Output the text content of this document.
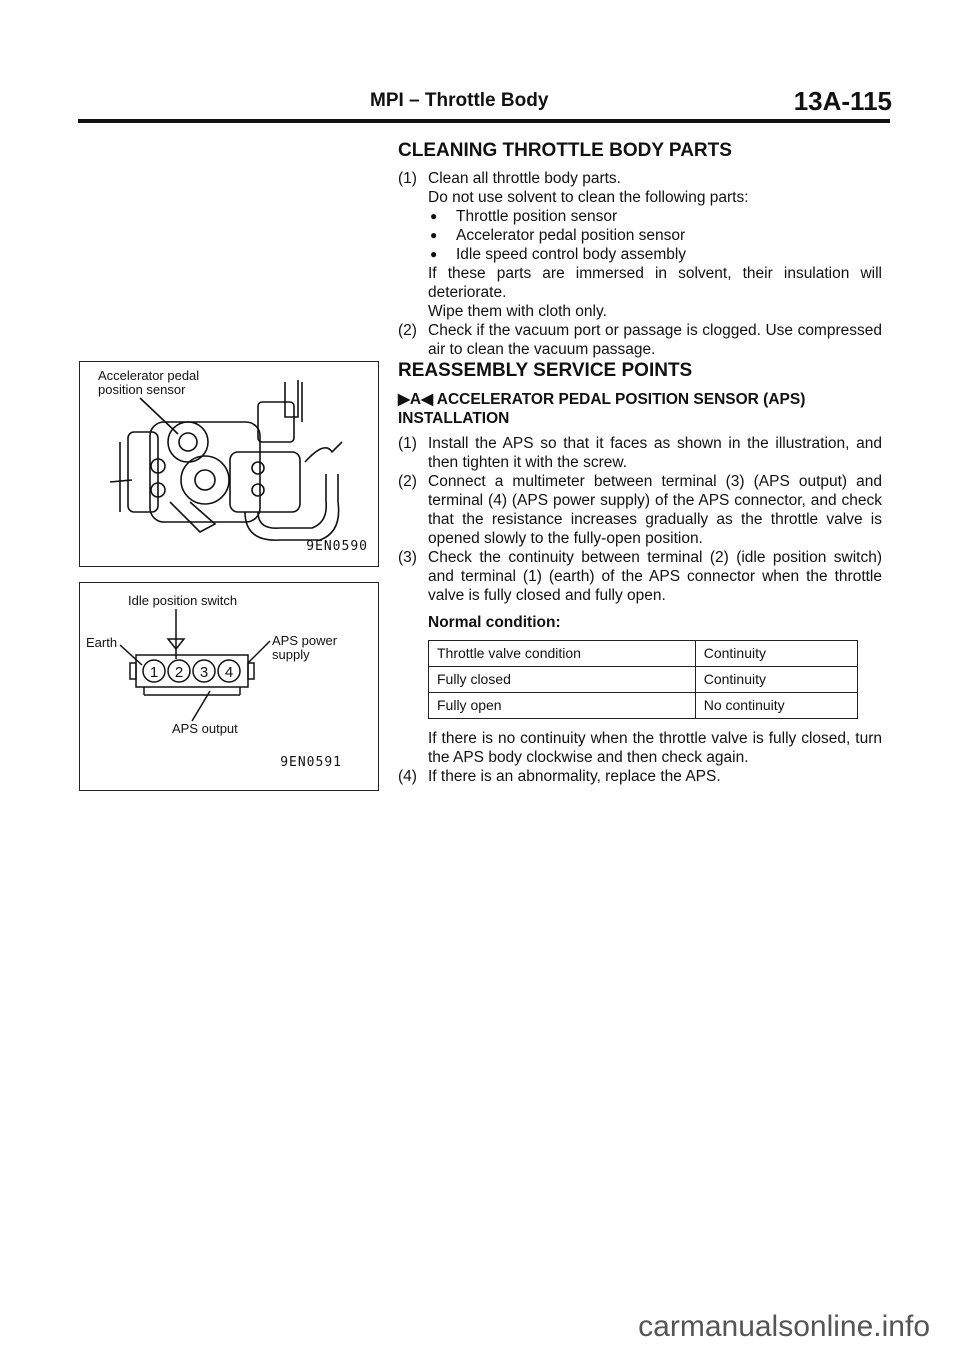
MPI – Throttle Body	13A-115
CLEANING THROTTLE BODY PARTS
(1) Clean all throttle body parts.
Do not use solvent to clean the following parts:
● Throttle position sensor
● Accelerator pedal position sensor
● Idle speed control body assembly
If these parts are immersed in solvent, their insulation will deteriorate.
Wipe them with cloth only.
(2) Check if the vacuum port or passage is clogged. Use compressed air to clean the vacuum passage.
REASSEMBLY SERVICE POINTS
▶A◀ ACCELERATOR PEDAL POSITION SENSOR (APS) INSTALLATION
(1) Install the APS so that it faces as shown in the illustration, and then tighten it with the screw.
(2) Connect a multimeter between terminal (3) (APS output) and terminal (4) (APS power supply) of the APS connector, and check that the resistance increases gradually as the throttle valve is opened slowly to the fully-open position.
(3) Check the continuity between terminal (2) (idle position switch) and terminal (1) (earth) of the APS connector when the throttle valve is fully closed and fully open.
Normal condition:
Throttle valve condition	Continuity
Fully closed	Continuity
Fully open	No continuity
If there is no continuity when the throttle valve is fully closed, turn the APS body clockwise and then check again.
(4) If there is an abnormality, replace the APS.
Accelerator pedal
position sensor
9EN0590
Idle position switch
Earth	APS power
supply
APS output
1 2 3 4
9EN0591
carmanualsonline.info
